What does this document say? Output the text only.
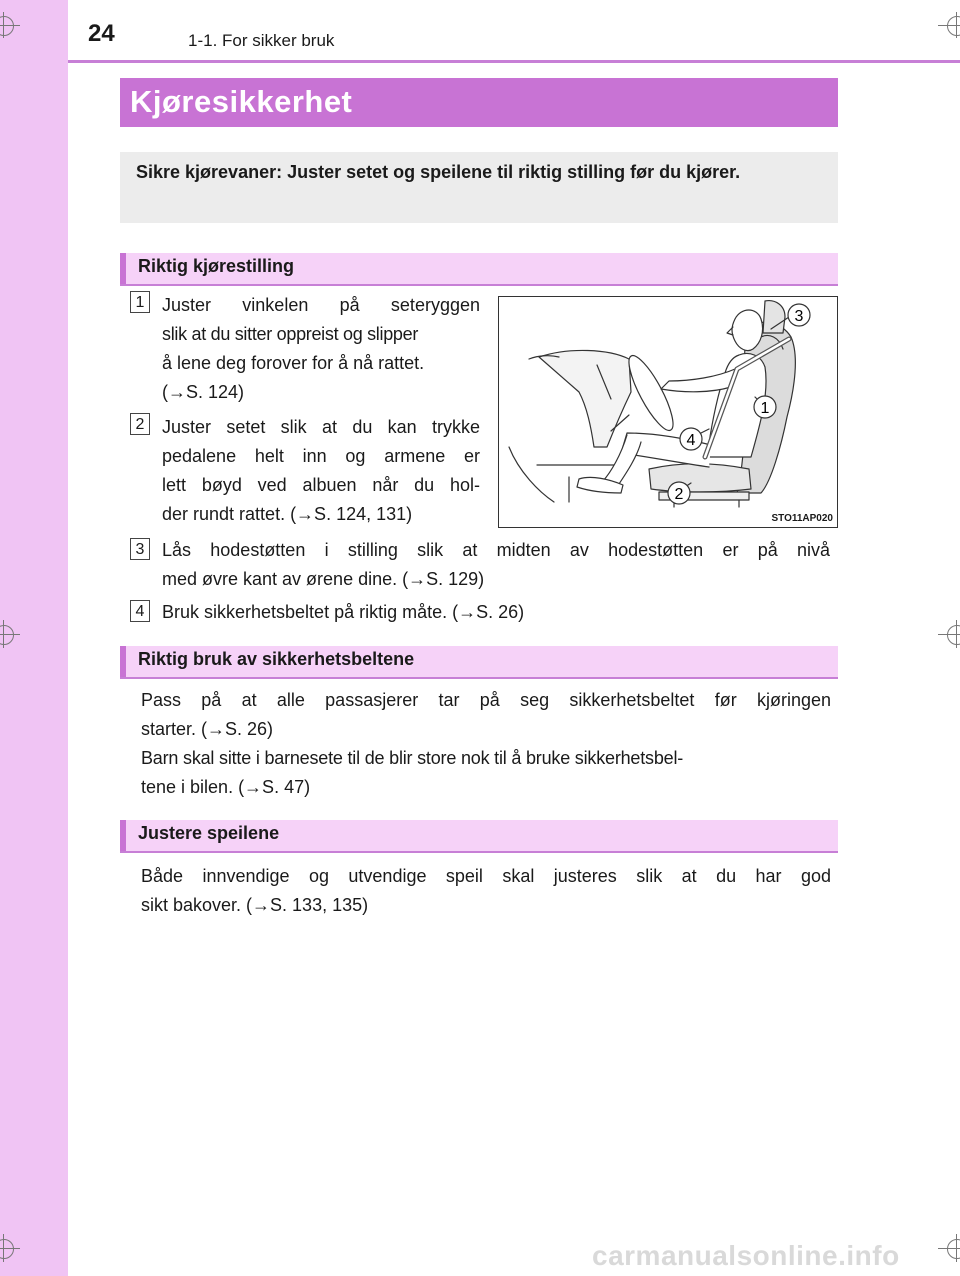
24	1-1. For sikker bruk
Kjøresikkerhet

Sikre kjørevaner: Juster setet og speilene til riktig stilling før du kjører.

Riktig kjørestilling
1 Juster vinkelen på seteryggen
slik at du sitter oppreist og slipper
å lene deg forover for å nå rattet.
(→S. 124)
2 Juster setet slik at du kan trykke
pedalene helt inn og armene er
lett bøyd ved albuen når du hol-
der rundt rattet. (→S. 124, 131)
3
1
4
2
STO11AP020
3 Lås hodestøtten i stilling slik at midten av hodestøtten er på nivå
med øvre kant av ørene dine. (→S. 129)
4 Bruk sikkerhetsbeltet på riktig måte. (→S. 26)
Riktig bruk av sikkerhetsbeltene
Pass på at alle passasjerer tar på seg sikkerhetsbeltet før kjøringen
starter. (→S. 26)
Barn skal sitte i barnesete til de blir store nok til å bruke sikkerhetsbel-
tene i bilen. (→S. 47)
Justere speilene
Både innvendige og utvendige speil skal justeres slik at du har god
sikt bakover. (→S. 133, 135)
carmanualsonline.info
